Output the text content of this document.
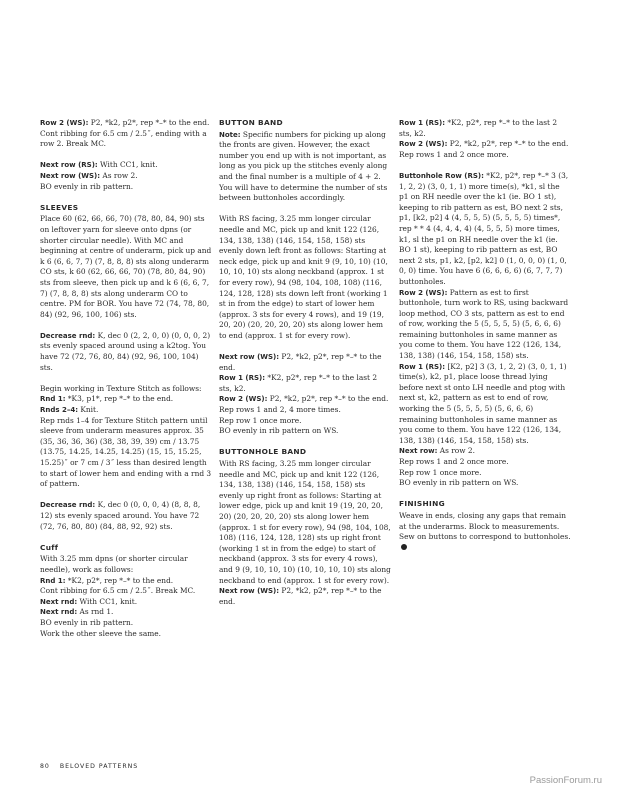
Row 2 (WS): P2, *k2, p2*, rep *–* to the end.
Cont ribbing for 6.5 cm / 2.5˝, ending with a row 2. Break MC.
Next row (RS): With CC1, knit.
Next row (WS): As row 2.
BO evenly in rib pattern.
SLEEVES
Place 60 (62, 66, 66, 70) (78, 80, 84, 90) sts on leftover yarn for sleeve onto dpns (or shorter circular needle). With MC and beginning at centre of underarm, pick up and k 6 (6, 6, 7, 7) (7, 8, 8, 8) sts along underarm CO sts, k 60 (62, 66, 66, 70) (78, 80, 84, 90) sts from sleeve, then pick up and k 6 (6, 6, 7, 7) (7, 8, 8, 8) sts along underarm CO to centre. PM for BOR. You have 72 (74, 78, 80, 84) (92, 96, 100, 106) sts.
Decrease rnd: K, dec 0 (2, 2, 0, 0) (0, 0, 0, 2) sts evenly spaced around using a k2tog. You have 72 (72, 76, 80, 84) (92, 96, 100, 104) sts.
Begin working in Texture Stitch as follows:
Rnd 1: *K3, p1*, rep *–* to the end.
Rnds 2–4: Knit.
Rep rnds 1–4 for Texture Stitch pattern until sleeve from underarm measures approx. 35 (35, 36, 36, 36) (38, 38, 39, 39) cm / 13.75 (13.75, 14.25, 14.25, 14.25) (15, 15, 15.25, 15.25)˝ or 7 cm / 3˝ less than desired length to start of lower hem and ending with a rnd 3 of pattern.
Decrease rnd: K, dec 0 (0, 0, 0, 4) (8, 8, 8, 12) sts evenly spaced around. You have 72 (72, 76, 80, 80) (84, 88, 92, 92) sts.
Cuff
With 3.25 mm dpns (or shorter circular needle), work as follows:
Rnd 1: *K2, p2*, rep *–* to the end.
Cont ribbing for 6.5 cm / 2.5˝. Break MC.
Next rnd: With CC1, knit.
Next rnd: As rnd 1.
BO evenly in rib pattern.
Work the other sleeve the same.
BUTTON BAND
Note: Specific numbers for picking up along the fronts are given. However, the exact number you end up with is not important, as long as you pick up the stitches evenly along and the final number is a multiple of 4 + 2. You will have to determine the number of sts between buttonholes accordingly.
With RS facing, 3.25 mm longer circular needle and MC, pick up and knit 122 (126, 134, 138, 138) (146, 154, 158, 158) sts evenly down left front as follows: Starting at neck edge, pick up and knit 9 (9, 10, 10) (10, 10, 10, 10) sts along neckband (approx. 1 st for every row), 94 (98, 104, 108, 108) (116, 124, 128, 128) sts down left front (working 1 st in from the edge) to start of lower hem (approx. 3 sts for every 4 rows), and 19 (19, 20, 20) (20, 20, 20, 20) sts along lower hem to end (approx. 1 st for every row).
Next row (WS): P2, *k2, p2*, rep *–* to the end.
Row 1 (RS): *K2, p2*, rep *–* to the last 2 sts, k2.
Row 2 (WS): P2, *k2, p2*, rep *–* to the end.
Rep rows 1 and 2, 4 more times.
Rep row 1 once more.
BO evenly in rib pattern on WS.
BUTTONHOLE BAND
With RS facing, 3.25 mm longer circular needle and MC, pick up and knit 122 (126, 134, 138, 138) (146, 154, 158, 158) sts evenly up right front as follows: Starting at lower edge, pick up and knit 19 (19, 20, 20, 20) (20, 20, 20, 20) sts along lower hem (approx. 1 st for every row), 94 (98, 104, 108, 108) (116, 124, 128, 128) sts up right front (working 1 st in from the edge) to start of neckband (approx. 3 sts for every 4 rows), and 9 (9, 10, 10, 10) (10, 10, 10, 10) sts along neckband to end (approx. 1 st for every row).
Next row (WS): P2, *k2, p2*, rep *–* to the end.
Row 1 (RS): *K2, p2*, rep *–* to the last 2 sts, k2.
Row 2 (WS): P2, *k2, p2*, rep *–* to the end.
Rep rows 1 and 2 once more.
Buttonhole Row (RS): *K2, p2*, rep *–* 3 (3, 1, 2, 2) (3, 0, 1, 1) more time(s), *k1, sl the p1 on RH needle over the k1 (ie. BO 1 st), keeping to rib pattern as est, BO next 2 sts, p1, [k2, p2] 4 (4, 5, 5, 5) (5, 5, 5, 5) times*, rep * * 4 (4, 4, 4, 4) (4, 5, 5, 5) more times, k1, sl the p1 on RH needle over the k1 (ie. BO 1 st), keeping to rib pattern as est, BO next 2 sts, p1, k2, [p2, k2] 0 (1, 0, 0, 0) (1, 0, 0, 0) time. You have 6 (6, 6, 6, 6) (6, 7, 7, 7) buttonholes.
Row 2 (WS): Pattern as est to first buttonhole, turn work to RS, using backward loop method, CO 3 sts, pattern as est to end of row, working the 5 (5, 5, 5, 5) (5, 6, 6, 6) remaining buttonholes in same manner as you come to them. You have 122 (126, 134, 138, 138) (146, 154, 158, 158) sts.
Row 1 (RS): [K2, p2] 3 (3, 1, 2, 2) (3, 0, 1, 1) time(s), k2, p1, place loose thread lying before next st onto LH needle and ptog with next st, k2, pattern as est to end of row, working the 5 (5, 5, 5, 5) (5, 6, 6, 6) remaining buttonholes in same manner as you come to them. You have 122 (126, 134, 138, 138) (146, 154, 158, 158) sts.
Next row: As row 2.
Rep rows 1 and 2 once more.
Rep row 1 once more.
BO evenly in rib pattern on WS.
FINISHING
Weave in ends, closing any gaps that remain at the underarms. Block to measurements. Sew on buttons to correspond to buttonholes.
80 BELOVED PATTERNS
PassionForum.ru
